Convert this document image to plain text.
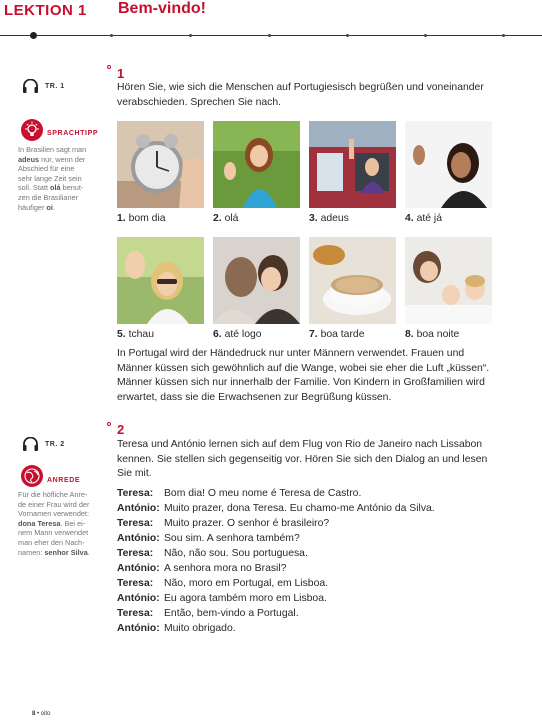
LEKTION 1 Bem-vindo!
TR. 1
SPRACHTIPP
In Brasilien sagt man
adeus nur, wenn der
Abschied für eine
sehr lange Zeit sein
soll. Statt olá benut-
zen die Brasilianer
häufiger oi.
1
Hören Sie, wie sich die Menschen auf Portugiesisch begrüßen und voneinander
verabschieden. Sprechen Sie nach.
1. bom dia	2. olá	3. adeus	4. até já
5. tchau	6. até logo	7. boa tarde	8. boa noite
In Portugal wird der Händedruck nur unter Männern verwendet. Frauen und
Männer küssen sich gewöhnlich auf die Wange, wobei sie eher die Luft „küssen“.
Männer küssen sich nur innerhalb der Familie. Von Kindern in Großfamilien wird
erwartet, dass sie die Erwachsenen zur Begrüßung küssen.
TR. 2
ANREDE
Für die höfliche Anre-
de einer Frau wird der
Vornamen verwendet:
dona Teresa. Bei ei-
nem Mann verwendet
man eher den Nach-
namen: senhor Silva.
2
Teresa und António lernen sich auf dem Flug von Rio de Janeiro nach Lissabon
kennen. Sie stellen sich gegenseitig vor. Hören Sie sich den Dialog an und lesen
Sie mit.
Teresa: Bom dia! O meu nome é Teresa de Castro.
António: Muito prazer, dona Teresa. Eu chamo-me António da Silva.
Teresa: Muito prazer. O senhor é brasileiro?
António: Sou sim. A senhora também?
Teresa: Não, não sou. Sou portuguesa.
António: A senhora mora no Brasil?
Teresa: Não, moro em Portugal, em Lisboa.
António: Eu agora também moro em Lisboa.
Teresa: Então, bem-vindo a Portugal.
António: Muito obrigado.
8 • oito
